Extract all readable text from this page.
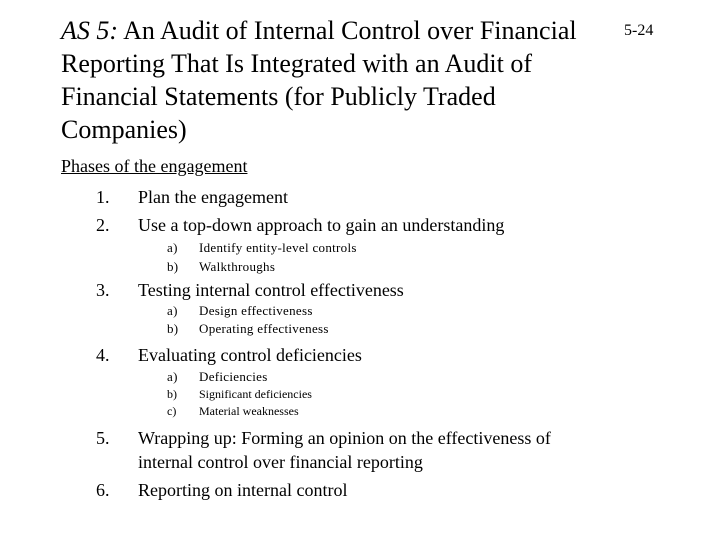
AS 5: An Audit of Internal Control over Financial Reporting That Is Integrated with an Audit of Financial Statements (for Publicly Traded Companies)
5-24
Phases of the engagement
1. Plan the engagement
2. Use a top-down approach to gain an understanding
a) Identify entity-level controls
b) Walkthroughs
3. Testing internal control effectiveness
a) Design effectiveness
b) Operating effectiveness
4. Evaluating control deficiencies
a) Deficiencies
b) Significant deficiencies
c) Material weaknesses
5. Wrapping up: Forming an opinion on the effectiveness of internal control over financial reporting
6. Reporting on internal control
